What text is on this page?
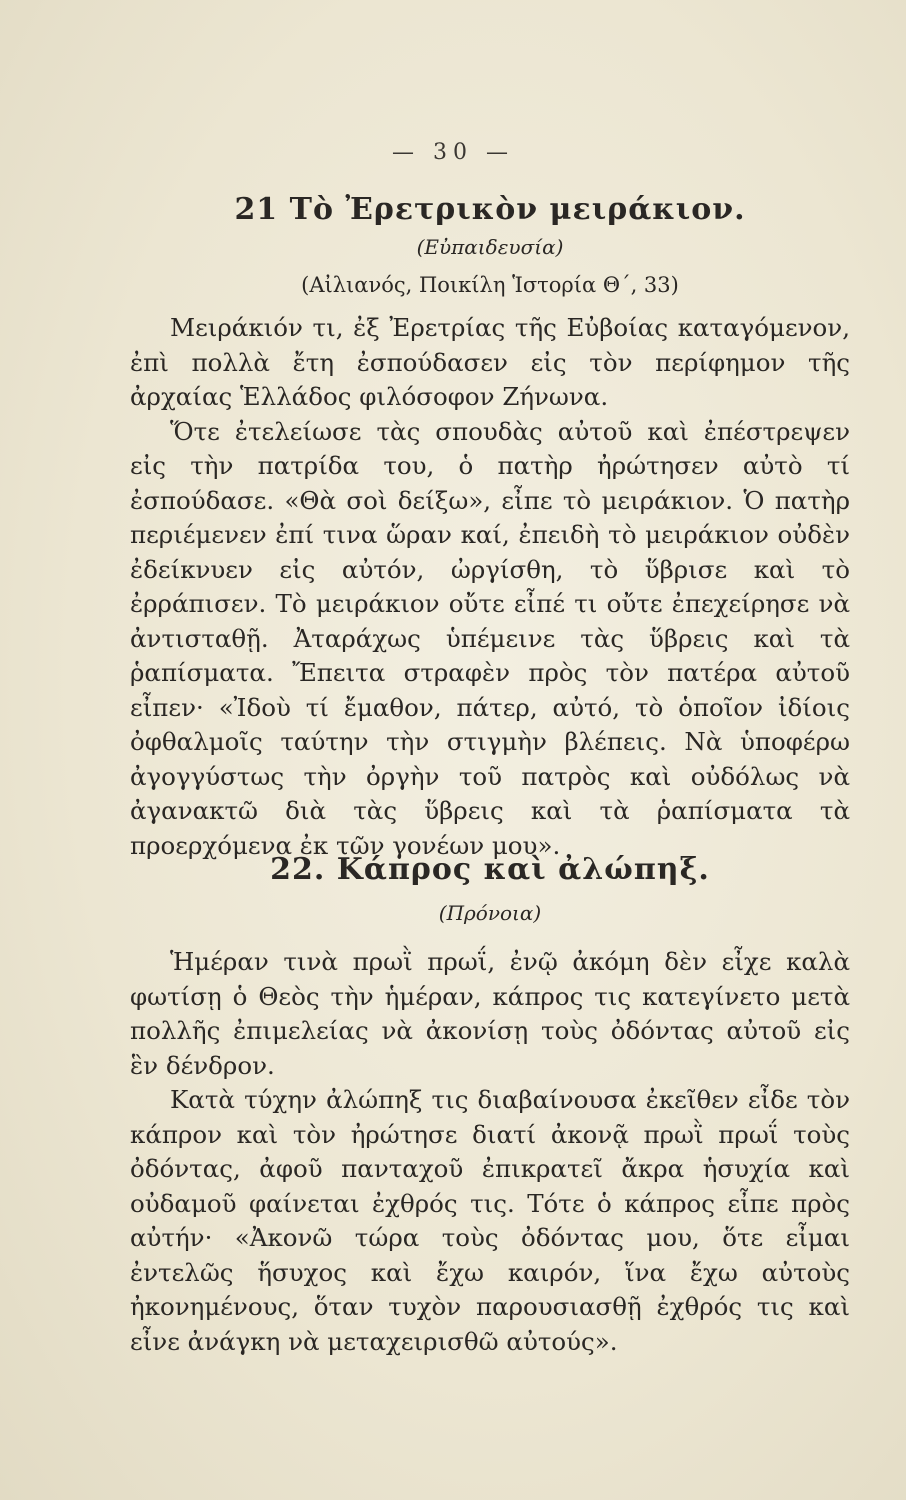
— 30 —
21 Τὸ Ἐρετρικὸν μειράκιον.
(Εὐπαιδευσία)
(Αἰλιανός, Ποικίλη Ἱστορία Θ΄, 33)

Μειράκιόν τι, ἐξ Ἐρετρίας τῆς Εὐβοίας καταγόμενον, ἐπὶ πολλὰ ἔτη ἐσπούδασεν εἰς τὸν περίφημον τῆς ἀρχαίας Ἑλλάδος φιλόσοφον Ζήνωνα.

Ὅτε ἐτελείωσε τὰς σπουδὰς αὐτοῦ καὶ ἐπέστρεψεν εἰς τὴν πατρίδα του, ὁ πατὴρ ἠρώτησεν αὐτὸ τί ἐσπούδασε. «Θὰ σοὶ δείξω», εἶπε τὸ μειράκιον. Ὁ πατὴρ περιέμενεν ἐπί τινα ὥραν καί, ἐπειδὴ τὸ μειράκιον οὐδὲν ἐδείκνυεν εἰς αὐτόν, ὠργίσθη, τὸ ὕβρισε καὶ τὸ ἐρράπισεν. Τὸ μειράκιον οὔτε εἶπέ τι οὔτε ἐπεχείρησε νὰ ἀντισταθῇ. Ἀταράχως ὑπέμεινε τὰς ὕβρεις καὶ τὰ ῥαπίσματα. Ἔπειτα στραφὲν πρὸς τὸν πατέρα αὐτοῦ εἶπεν· «Ἰδοὺ τί ἔμαθον, πάτερ, αὐτό, τὸ ὁποῖον ἰδίοις ὀφθαλμοῖς ταύτην τὴν στιγμὴν βλέπεις. Νὰ ὑποφέρω ἀγογγύστως τὴν ὀργὴν τοῦ πατρὸς καὶ οὐδόλως νὰ ἀγανακτῶ διὰ τὰς ὕβρεις καὶ τὰ ῥαπίσματα τὰ προερχόμενα ἐκ τῶν γονέων μου».

22. Κάπρος καὶ ἀλώπηξ.
(Πρόνοια)

Ἡμέραν τινὰ πρωῒ πρωΐ, ἐνῷ ἀκόμη δὲν εἶχε καλὰ φωτίσῃ ὁ Θεὸς τὴν ἡμέραν, κάπρος τις κατεγίνετο μετὰ πολλῆς ἐπιμελείας νὰ ἀκονίσῃ τοὺς ὀδόντας αὐτοῦ εἰς ἓν δένδρον.

Κατὰ τύχην ἀλώπηξ τις διαβαίνουσα ἐκεῖθεν εἶδε τὸν κάπρον καὶ τὸν ἠρώτησε διατί ἀκονᾷ πρωῒ πρωΐ τοὺς ὀδόντας, ἀφοῦ πανταχοῦ ἐπικρατεῖ ἄκρα ἡσυχία καὶ οὐδαμοῦ φαίνεται ἐχθρός τις. Τότε ὁ κάπρος εἶπε πρὸς αὐτήν· «Ἀκονῶ τώρα τοὺς ὀδόντας μου, ὅτε εἶμαι ἐντελῶς ἥσυχος καὶ ἔχω καιρόν, ἵνα ἔχω αὐτοὺς ἠκονημένους, ὅταν τυχὸν παρουσιασθῇ ἐχθρός τις καὶ εἶνε ἀνάγκη νὰ μεταχειρισθῶ αὐτούς».
